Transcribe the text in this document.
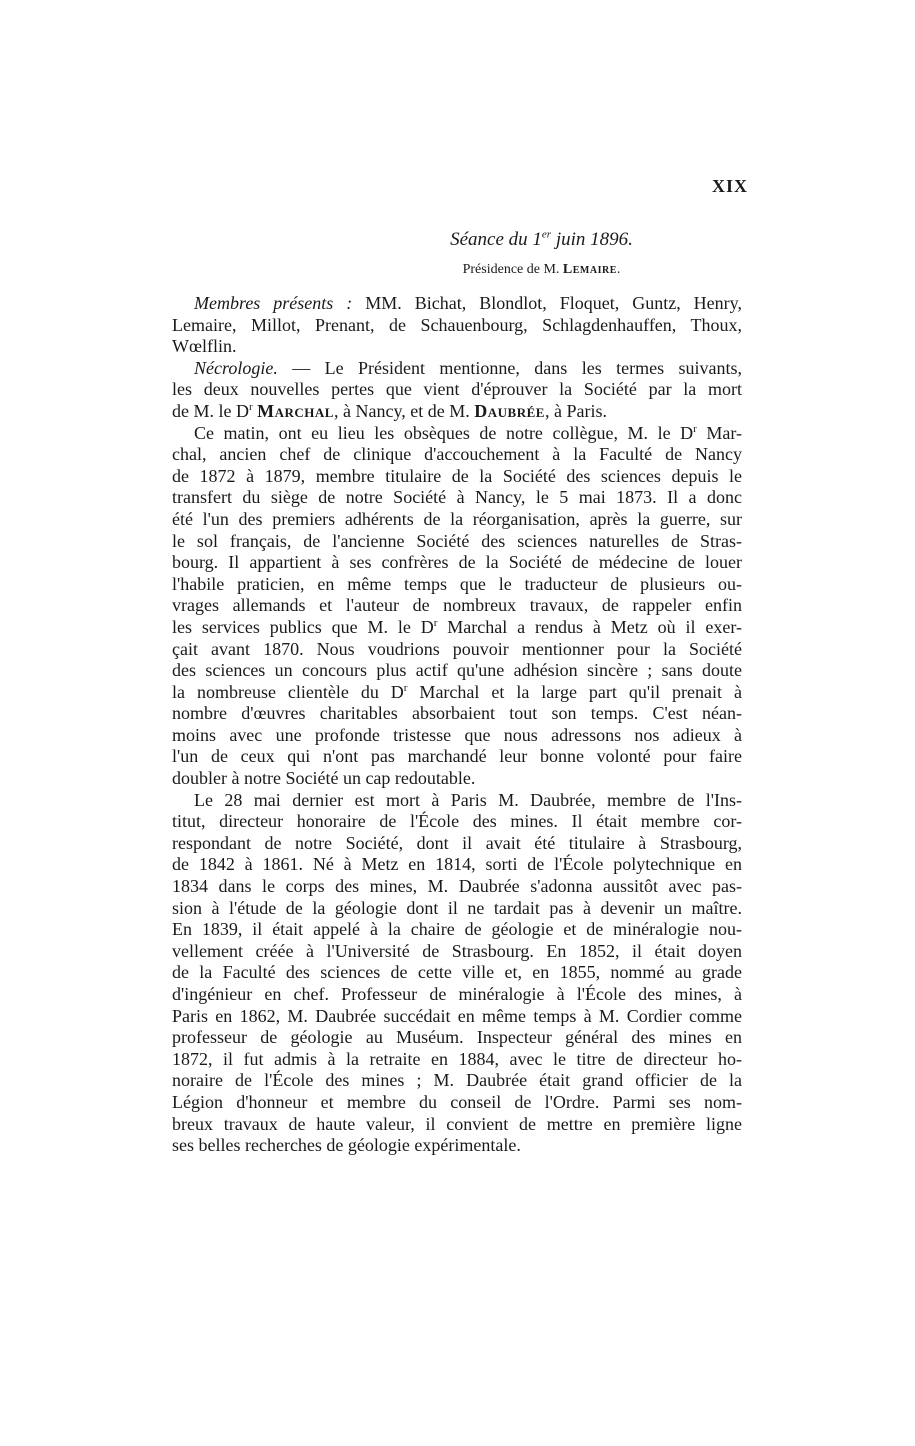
XIX
Séance du 1er juin 1896.
Présidence de M. Lemaire.
Membres présents : MM. Bichat, Blondlot, Floquet, Guntz, Henry,
Lemaire, Millot, Prenant, de Schauenbourg, Schlagdenhauffen, Thoux,
Wœlflin.
Nécrologie. — Le Président mentionne, dans les termes suivants,
les deux nouvelles pertes que vient d'éprouver la Société par la mort
de M. le $D^r$ Marchal, à Nancy, et de M. Daubrée, à Paris.
Ce matin, ont eu lieu les obsèques de notre collègue, M. le $D^r$ Mar-
chal, ancien chef de clinique d'accouchement à la Faculté de Nancy
de 1872 à 1879, membre titulaire de la Société des sciences depuis le
transfert du siège de notre Société à Nancy, le 5 mai 1873. Il a donc
été l'un des premiers adhérents de la réorganisation, après la guerre, sur
le sol français, de l'ancienne Société des sciences naturelles de Stras-
bourg. Il appartient à ses confrères de la Société de médecine de louer
l'habile praticien, en même temps que le traducteur de plusieurs ou-
vrages allemands et l'auteur de nombreux travaux, de rappeler enfin
les services publics que M. le $D^r$ Marchal a rendus à Metz où il exer-
çait avant 1870. Nous voudrions pouvoir mentionner pour la Société
des sciences un concours plus actif qu'une adhésion sincère ; sans doute
la nombreuse clientèle du $D^r$ Marchal et la large part qu'il prenait à
nombre d'œuvres charitables absorbaient tout son temps. C'est néan-
moins avec une profonde tristesse que nous adressons nos adieux à
l'un de ceux qui n'ont pas marchandé leur bonne volonté pour faire
doubler à notre Société un cap redoutable.
Le 28 mai dernier est mort à Paris M. Daubrée, membre de l'Ins-
titut, directeur honoraire de l'École des mines. Il était membre cor-
respondant de notre Société, dont il avait été titulaire à Strasbourg,
de 1842 à 1861. Né à Metz en 1814, sorti de l'École polytechnique en
1834 dans le corps des mines, M. Daubrée s'adonna aussitôt avec pas-
sion à l'étude de la géologie dont il ne tardait pas à devenir un maître.
En 1839, il était appelé à la chaire de géologie et de minéralogie nou-
vellement créée à l'Université de Strasbourg. En 1852, il était doyen
de la Faculté des sciences de cette ville et, en 1855, nommé au grade
d'ingénieur en chef. Professeur de minéralogie à l'École des mines, à
Paris en 1862, M. Daubrée succédait en même temps à M. Cordier comme
professeur de géologie au Muséum. Inspecteur général des mines en
1872, il fut admis à la retraite en 1884, avec le titre de directeur ho-
noraire de l'École des mines ; M. Daubrée était grand officier de la
Légion d'honneur et membre du conseil de l'Ordre. Parmi ses nom-
breux travaux de haute valeur, il convient de mettre en première ligne
ses belles recherches de géologie expérimentale.
